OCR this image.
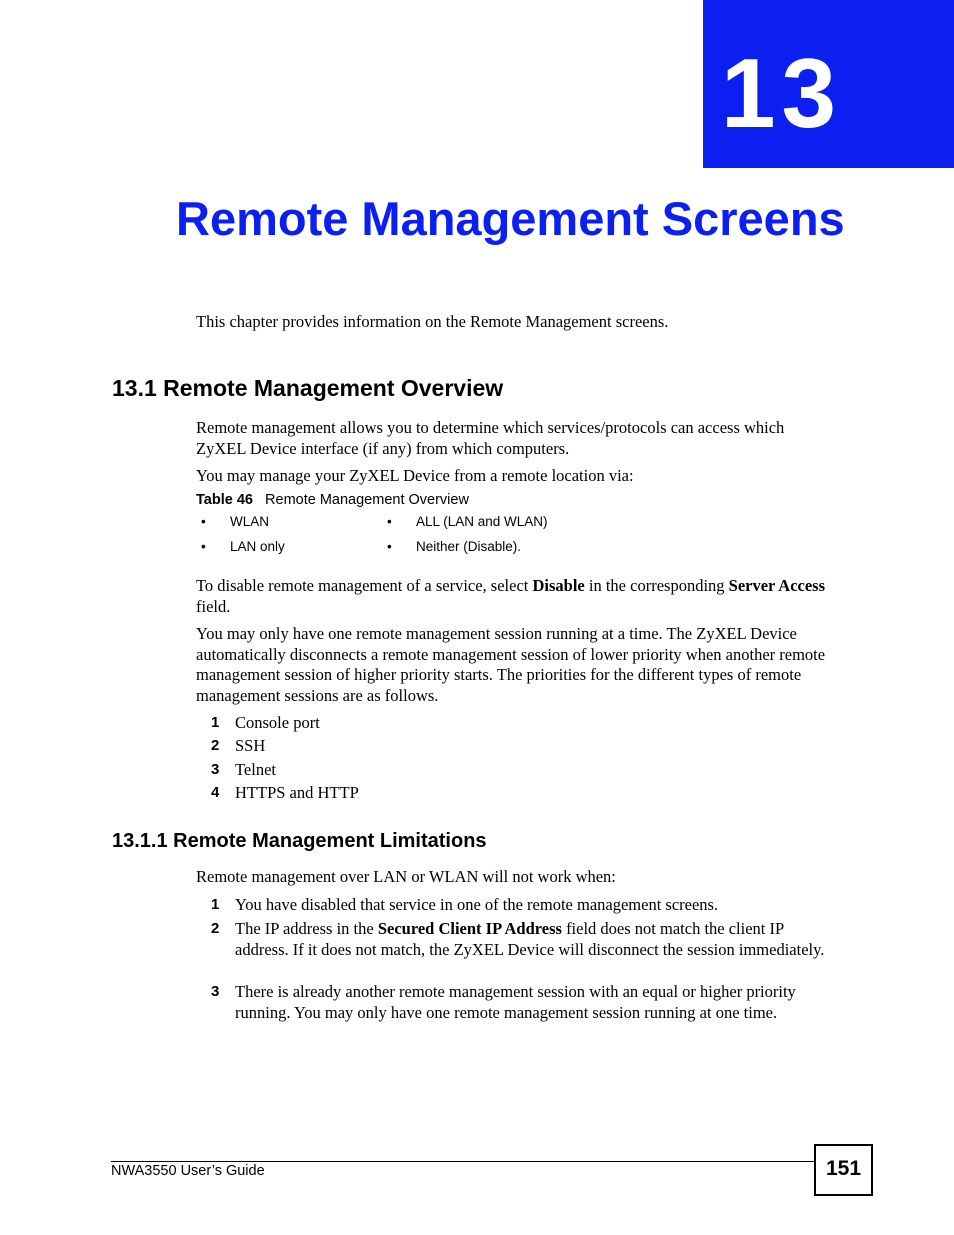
13
Remote Management Screens
This chapter provides information on the Remote Management screens.
13.1 Remote Management Overview
Remote management allows you to determine which services/protocols can access which ZyXEL Device interface (if any) from which computers.
You may manage your ZyXEL Device from a remote location via:
Table 46 Remote Management Overview
• WLAN	• ALL (LAN and WLAN)
• LAN only	• Neither (Disable).
To disable remote management of a service, select Disable in the corresponding Server Access field.
You may only have one remote management session running at a time. The ZyXEL Device automatically disconnects a remote management session of lower priority when another remote management session of higher priority starts. The priorities for the different types of remote management sessions are as follows.
1 Console port
2 SSH
3 Telnet
4 HTTPS and HTTP
13.1.1 Remote Management Limitations
Remote management over LAN or WLAN will not work when:
1 You have disabled that service in one of the remote management screens.
2 The IP address in the Secured Client IP Address field does not match the client IP address. If it does not match, the ZyXEL Device will disconnect the session immediately.
3 There is already another remote management session with an equal or higher priority running. You may only have one remote management session running at one time.
NWA3550 User’s Guide	151
